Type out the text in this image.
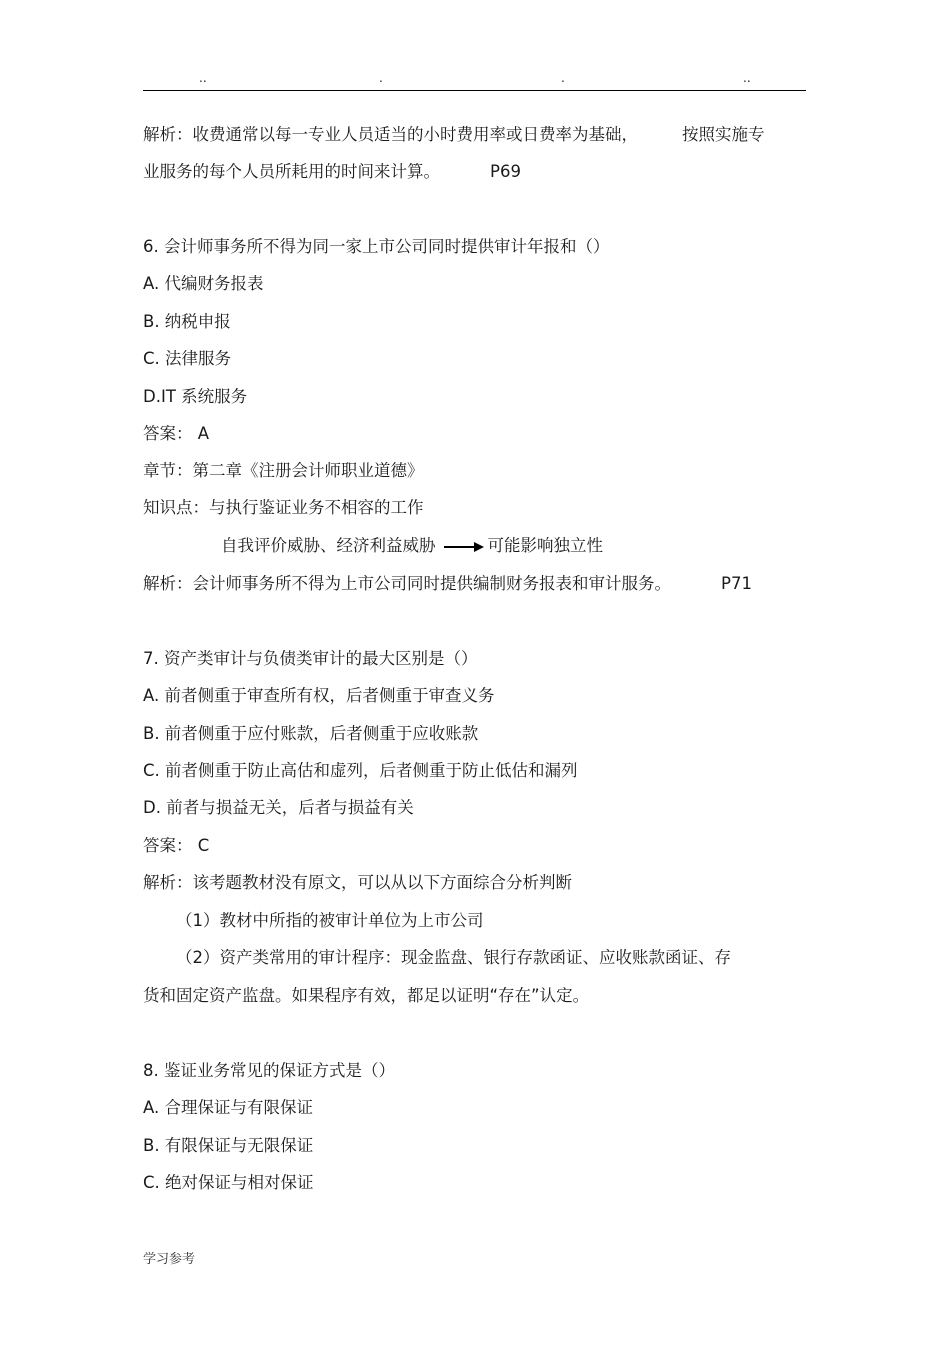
..	.	.	..
解析：收费通常以每一专业人员适当的小时费用率或日费率为基础，	按照实施专
业服务的每个人员所耗用的时间来计算。	P69
6. 会计师事务所不得为同一家上市公司同时提供审计年报和（）
A. 代编财务报表
B. 纳税申报
C. 法律服务
D.IT 系统服务
答案： A
章节：第二章《注册会计师职业道德》
知识点：与执行鉴证业务不相容的工作
自我评价威胁、经济利益威胁	可能影响独立性
解析：会计师事务所不得为上市公司同时提供编制财务报表和审计服务。	P71
7. 资产类审计与负债类审计的最大区别是（）
A. 前者侧重于审查所有权，后者侧重于审查义务
B. 前者侧重于应付账款，后者侧重于应收账款
C. 前者侧重于防止高估和虚列，后者侧重于防止低估和漏列
D. 前者与损益无关，后者与损益有关
答案： C
解析：该考题教材没有原文，可以从以下方面综合分析判断
（1）教材中所指的被审计单位为上市公司
（2）资产类常用的审计程序：现金监盘、银行存款函证、应收账款函证、存
货和固定资产监盘。如果程序有效，都足以证明“存在”认定。
8. 鉴证业务常见的保证方式是（）
A. 合理保证与有限保证
B. 有限保证与无限保证
C. 绝对保证与相对保证
学习参考
